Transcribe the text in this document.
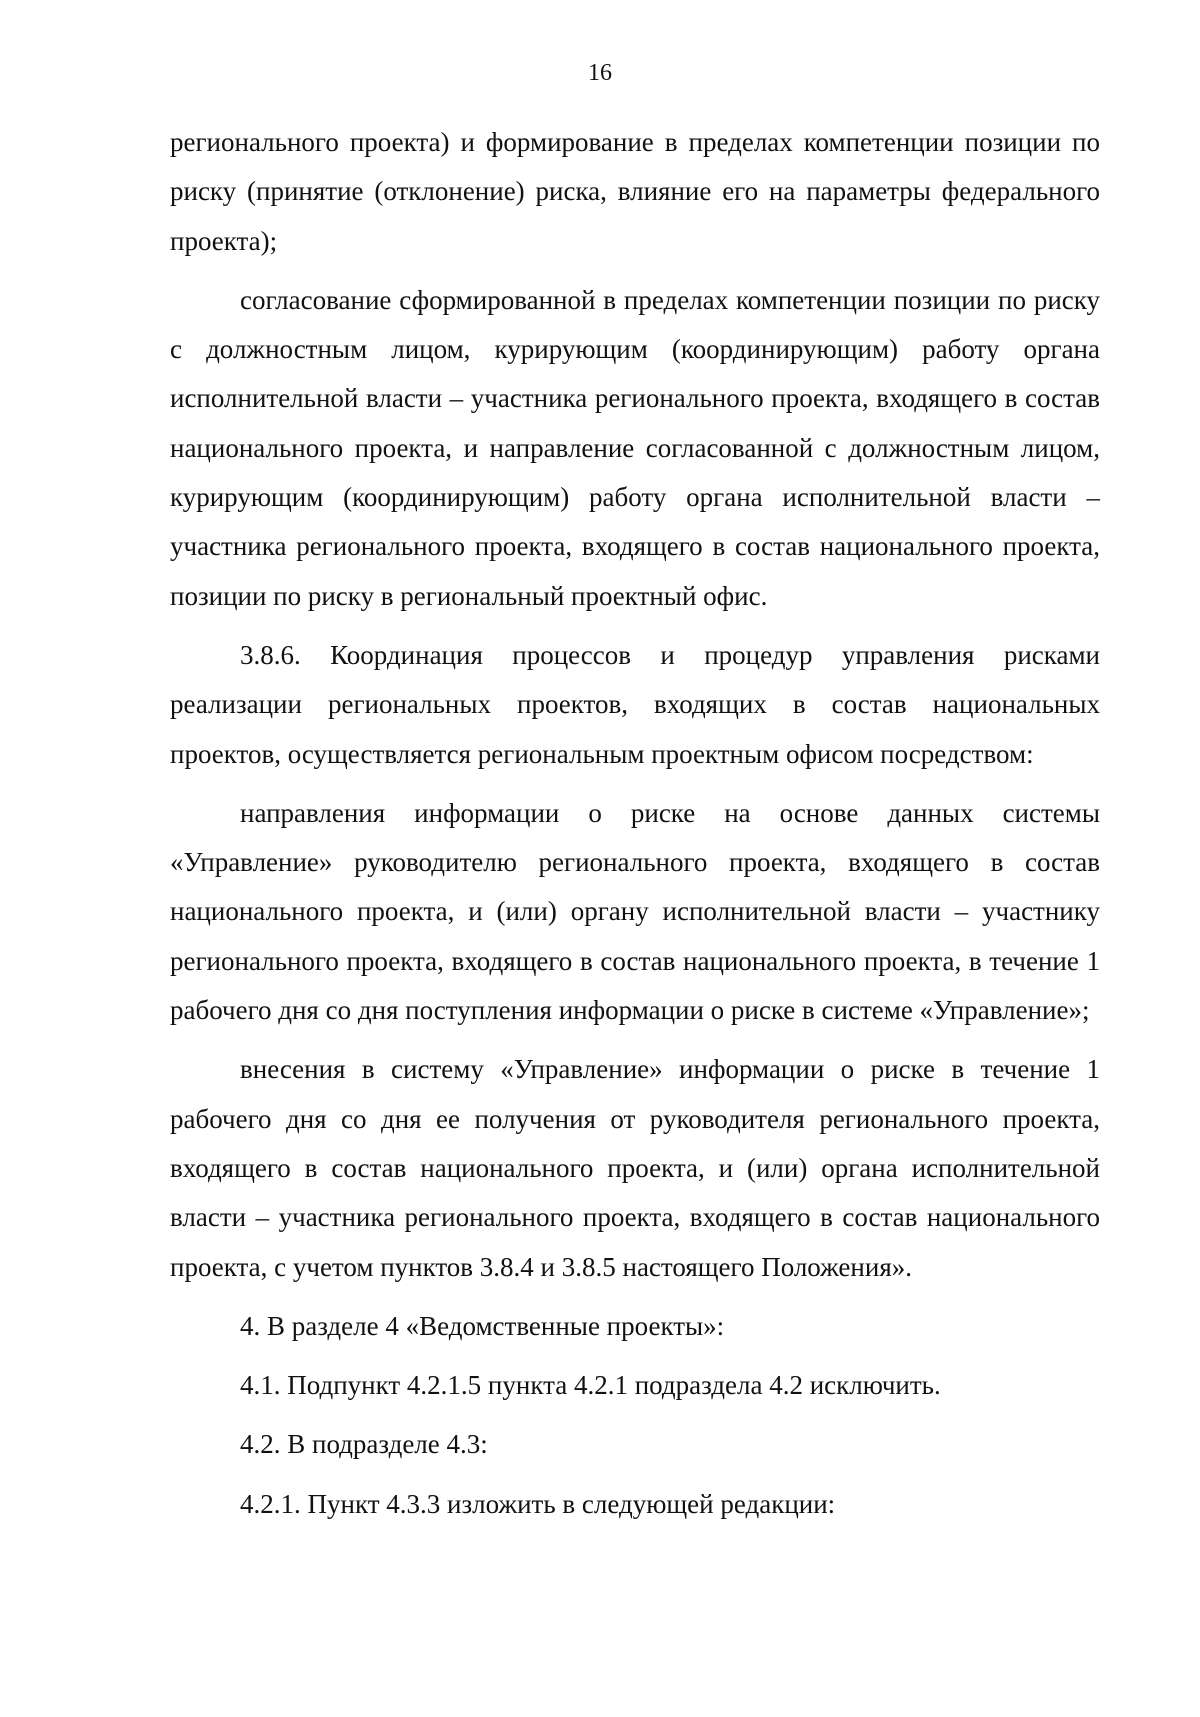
16

регионального проекта) и формирование в пределах компетенции позиции по риску (принятие (отклонение) риска, влияние его на параметры федерального проекта);

согласование сформированной в пределах компетенции позиции по риску с должностным лицом, курирующим (координирующим) работу органа исполнительной власти – участника регионального проекта, входящего в состав национального проекта, и направление согласованной с должностным лицом, курирующим (координирующим) работу органа исполнительной власти – участника регионального проекта, входящего в состав национального проекта, позиции по риску в региональный проектный офис.

3.8.6. Координация процессов и процедур управления рисками реализации региональных проектов, входящих в состав национальных проектов, осуществляется региональным проектным офисом посредством:

направления информации о риске на основе данных системы «Управление» руководителю регионального проекта, входящего в состав национального проекта, и (или) органу исполнительной власти – участнику регионального проекта, входящего в состав национального проекта, в течение 1 рабочего дня со дня поступления информации о риске в системе «Управление»;

внесения в систему «Управление» информации о риске в течение 1 рабочего дня со дня ее получения от руководителя регионального проекта, входящего в состав национального проекта, и (или) органа исполнительной власти – участника регионального проекта, входящего в состав национального проекта, с учетом пунктов 3.8.4 и 3.8.5 настоящего Положения».

4. В разделе 4 «Ведомственные проекты»:

4.1. Подпункт 4.2.1.5 пункта 4.2.1 подраздела 4.2 исключить.

4.2. В подразделе 4.3:

4.2.1. Пункт 4.3.3 изложить в следующей редакции:
